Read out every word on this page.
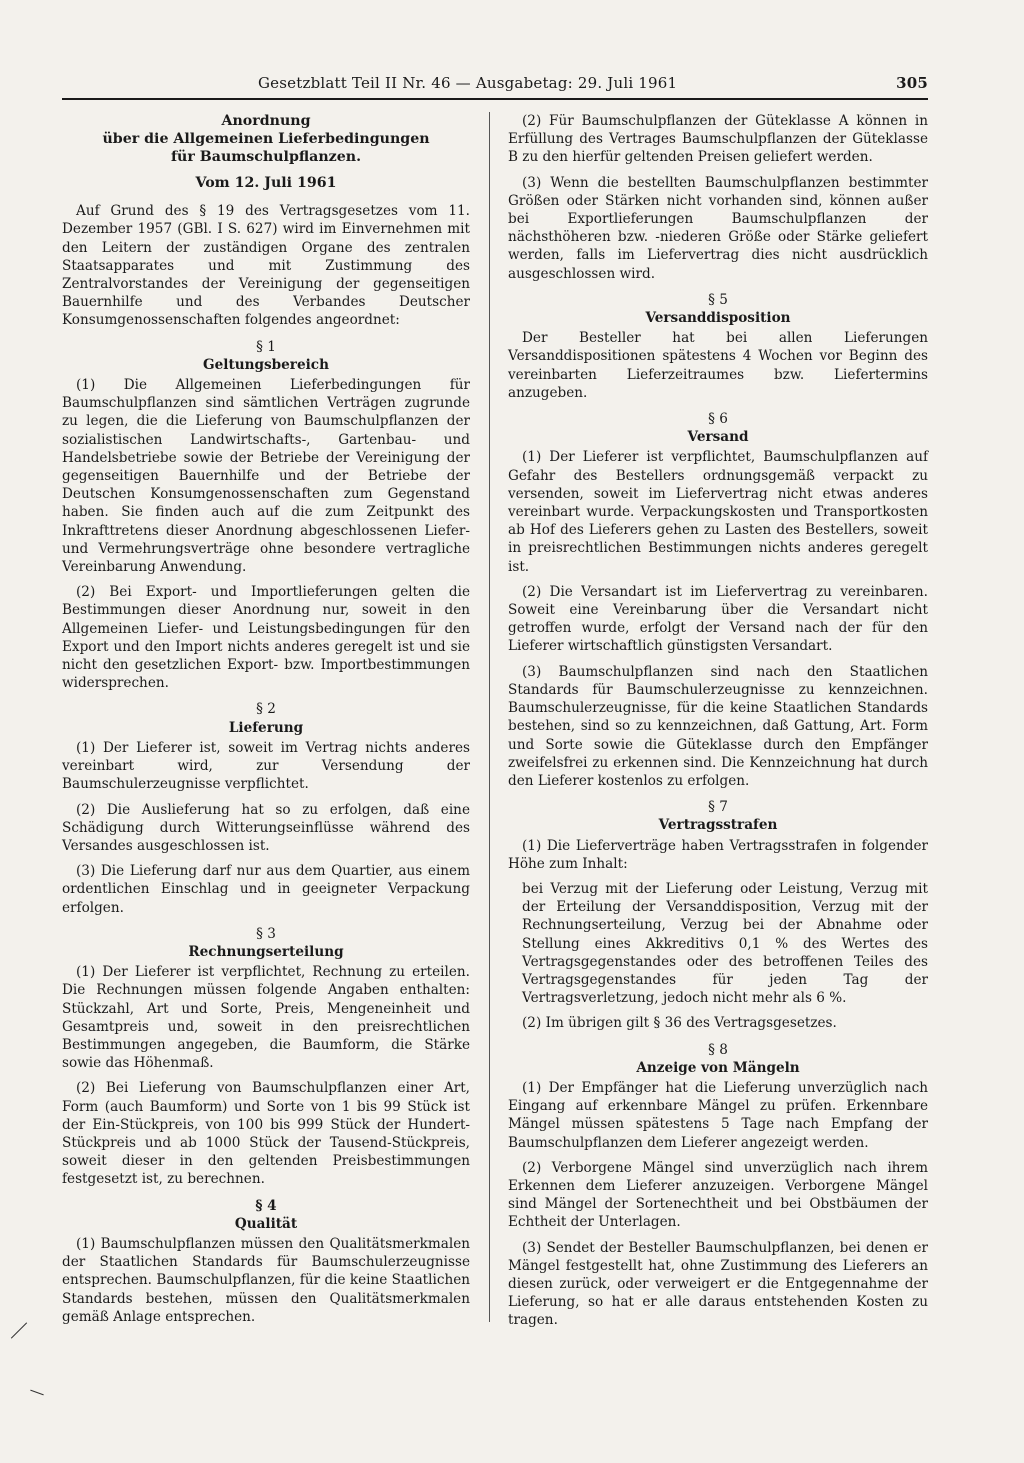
Gesetzblatt Teil II Nr. 46 — Ausgabetag: 29. Juli 1961	305

Anordnung

über die Allgemeinen Lieferbedingungen

für Baumschulpflanzen.

Vom 12. Juli 1961

Auf Grund des § 19 des Vertragsgesetzes vom 11. Dezember 1957 (GBl. I S. 627) wird im Einvernehmen mit den Leitern der zuständigen Organe des zentralen Staatsapparates und mit Zustimmung des Zentralvorstandes der Vereinigung der gegenseitigen Bauernhilfe und des Verbandes Deutscher Konsumgenossenschaften folgendes angeordnet:

§ 1

Geltungsbereich

(1) Die Allgemeinen Lieferbedingungen für Baumschulpflanzen sind sämtlichen Verträgen zugrunde zu legen, die die Lieferung von Baumschulpflanzen der sozialistischen Landwirtschafts-, Gartenbau- und Handelsbetriebe sowie der Betriebe der Vereinigung der gegenseitigen Bauernhilfe und der Betriebe der Deutschen Konsumgenossenschaften zum Gegenstand haben. Sie finden auch auf die zum Zeitpunkt des Inkrafttretens dieser Anordnung abgeschlossenen Liefer- und Vermehrungsverträge ohne besondere vertragliche Vereinbarung Anwendung.

(2) Bei Export- und Importlieferungen gelten die Bestimmungen dieser Anordnung nur, soweit in den Allgemeinen Liefer- und Leistungsbedingungen für den Export und den Import nichts anderes geregelt ist und sie nicht den gesetzlichen Export- bzw. Importbestimmungen widersprechen.

§ 2

Lieferung

(1) Der Lieferer ist, soweit im Vertrag nichts anderes vereinbart wird, zur Versendung der Baumschulerzeugnisse verpflichtet.

(2) Die Auslieferung hat so zu erfolgen, daß eine Schädigung durch Witterungseinflüsse während des Versandes ausgeschlossen ist.

(3) Die Lieferung darf nur aus dem Quartier, aus einem ordentlichen Einschlag und in geeigneter Verpackung erfolgen.

§ 3

Rechnungserteilung

(1) Der Lieferer ist verpflichtet, Rechnung zu erteilen. Die Rechnungen müssen folgende Angaben enthalten: Stückzahl, Art und Sorte, Preis, Mengeneinheit und Gesamtpreis und, soweit in den preisrechtlichen Bestimmungen angegeben, die Baumform, die Stärke sowie das Höhenmaß.

(2) Bei Lieferung von Baumschulpflanzen einer Art, Form (auch Baumform) und Sorte von 1 bis 99 Stück ist der Ein-Stückpreis, von 100 bis 999 Stück der Hundert-Stückpreis und ab 1000 Stück der Tausend-Stückpreis, soweit dieser in den geltenden Preisbestimmungen festgesetzt ist, zu berechnen.

§ 4

Qualität

(1) Baumschulpflanzen müssen den Qualitätsmerkmalen der Staatlichen Standards für Baumschulerzeugnisse entsprechen. Baumschulpflanzen, für die keine Staatlichen Standards bestehen, müssen den Qualitätsmerkmalen gemäß Anlage entsprechen.

(2) Für Baumschulpflanzen der Güteklasse A können in Erfüllung des Vertrages Baumschulpflanzen der Güteklasse B zu den hierfür geltenden Preisen geliefert werden.

(3) Wenn die bestellten Baumschulpflanzen bestimmter Größen oder Stärken nicht vorhanden sind, können außer bei Exportlieferungen Baumschulpflanzen der nächsthöheren bzw. -niederen Größe oder Stärke geliefert werden, falls im Liefervertrag dies nicht ausdrücklich ausgeschlossen wird.

§ 5

Versanddisposition

Der Besteller hat bei allen Lieferungen Versanddispositionen spätestens 4 Wochen vor Beginn des vereinbarten Lieferzeitraumes bzw. Liefertermins anzugeben.

§ 6

Versand

(1) Der Lieferer ist verpflichtet, Baumschulpflanzen auf Gefahr des Bestellers ordnungsgemäß verpackt zu versenden, soweit im Liefervertrag nicht etwas anderes vereinbart wurde. Verpackungskosten und Transportkosten ab Hof des Lieferers gehen zu Lasten des Bestellers, soweit in preisrechtlichen Bestimmungen nichts anderes geregelt ist.

(2) Die Versandart ist im Liefervertrag zu vereinbaren. Soweit eine Vereinbarung über die Versandart nicht getroffen wurde, erfolgt der Versand nach der für den Lieferer wirtschaftlich günstigsten Versandart.

(3) Baumschulpflanzen sind nach den Staatlichen Standards für Baumschulerzeugnisse zu kennzeichnen. Baumschulerzeugnisse, für die keine Staatlichen Standards bestehen, sind so zu kennzeichnen, daß Gattung, Art. Form und Sorte sowie die Güteklasse durch den Empfänger zweifelsfrei zu erkennen sind. Die Kennzeichnung hat durch den Lieferer kostenlos zu erfolgen.

§ 7

Vertragsstrafen

(1) Die Lieferverträge haben Vertragsstrafen in folgender Höhe zum Inhalt:

bei Verzug mit der Lieferung oder Leistung, Verzug mit der Erteilung der Versanddisposition, Verzug mit der Rechnungserteilung, Verzug bei der Abnahme oder Stellung eines Akkreditivs 0,1 % des Wertes des Vertragsgegenstandes oder des betroffenen Teiles des Vertragsgegenstandes für jeden Tag der Vertragsverletzung, jedoch nicht mehr als 6 %.

(2) Im übrigen gilt § 36 des Vertragsgesetzes.

§ 8

Anzeige von Mängeln

(1) Der Empfänger hat die Lieferung unverzüglich nach Eingang auf erkennbare Mängel zu prüfen. Erkennbare Mängel müssen spätestens 5 Tage nach Empfang der Baumschulpflanzen dem Lieferer angezeigt werden.

(2) Verborgene Mängel sind unverzüglich nach ihrem Erkennen dem Lieferer anzuzeigen. Verborgene Mängel sind Mängel der Sortenechtheit und bei Obstbäumen der Echtheit der Unterlagen.

(3) Sendet der Besteller Baumschulpflanzen, bei denen er Mängel festgestellt hat, ohne Zustimmung des Lieferers an diesen zurück, oder verweigert er die Entgegennahme der Lieferung, so hat er alle daraus entstehenden Kosten zu tragen.
